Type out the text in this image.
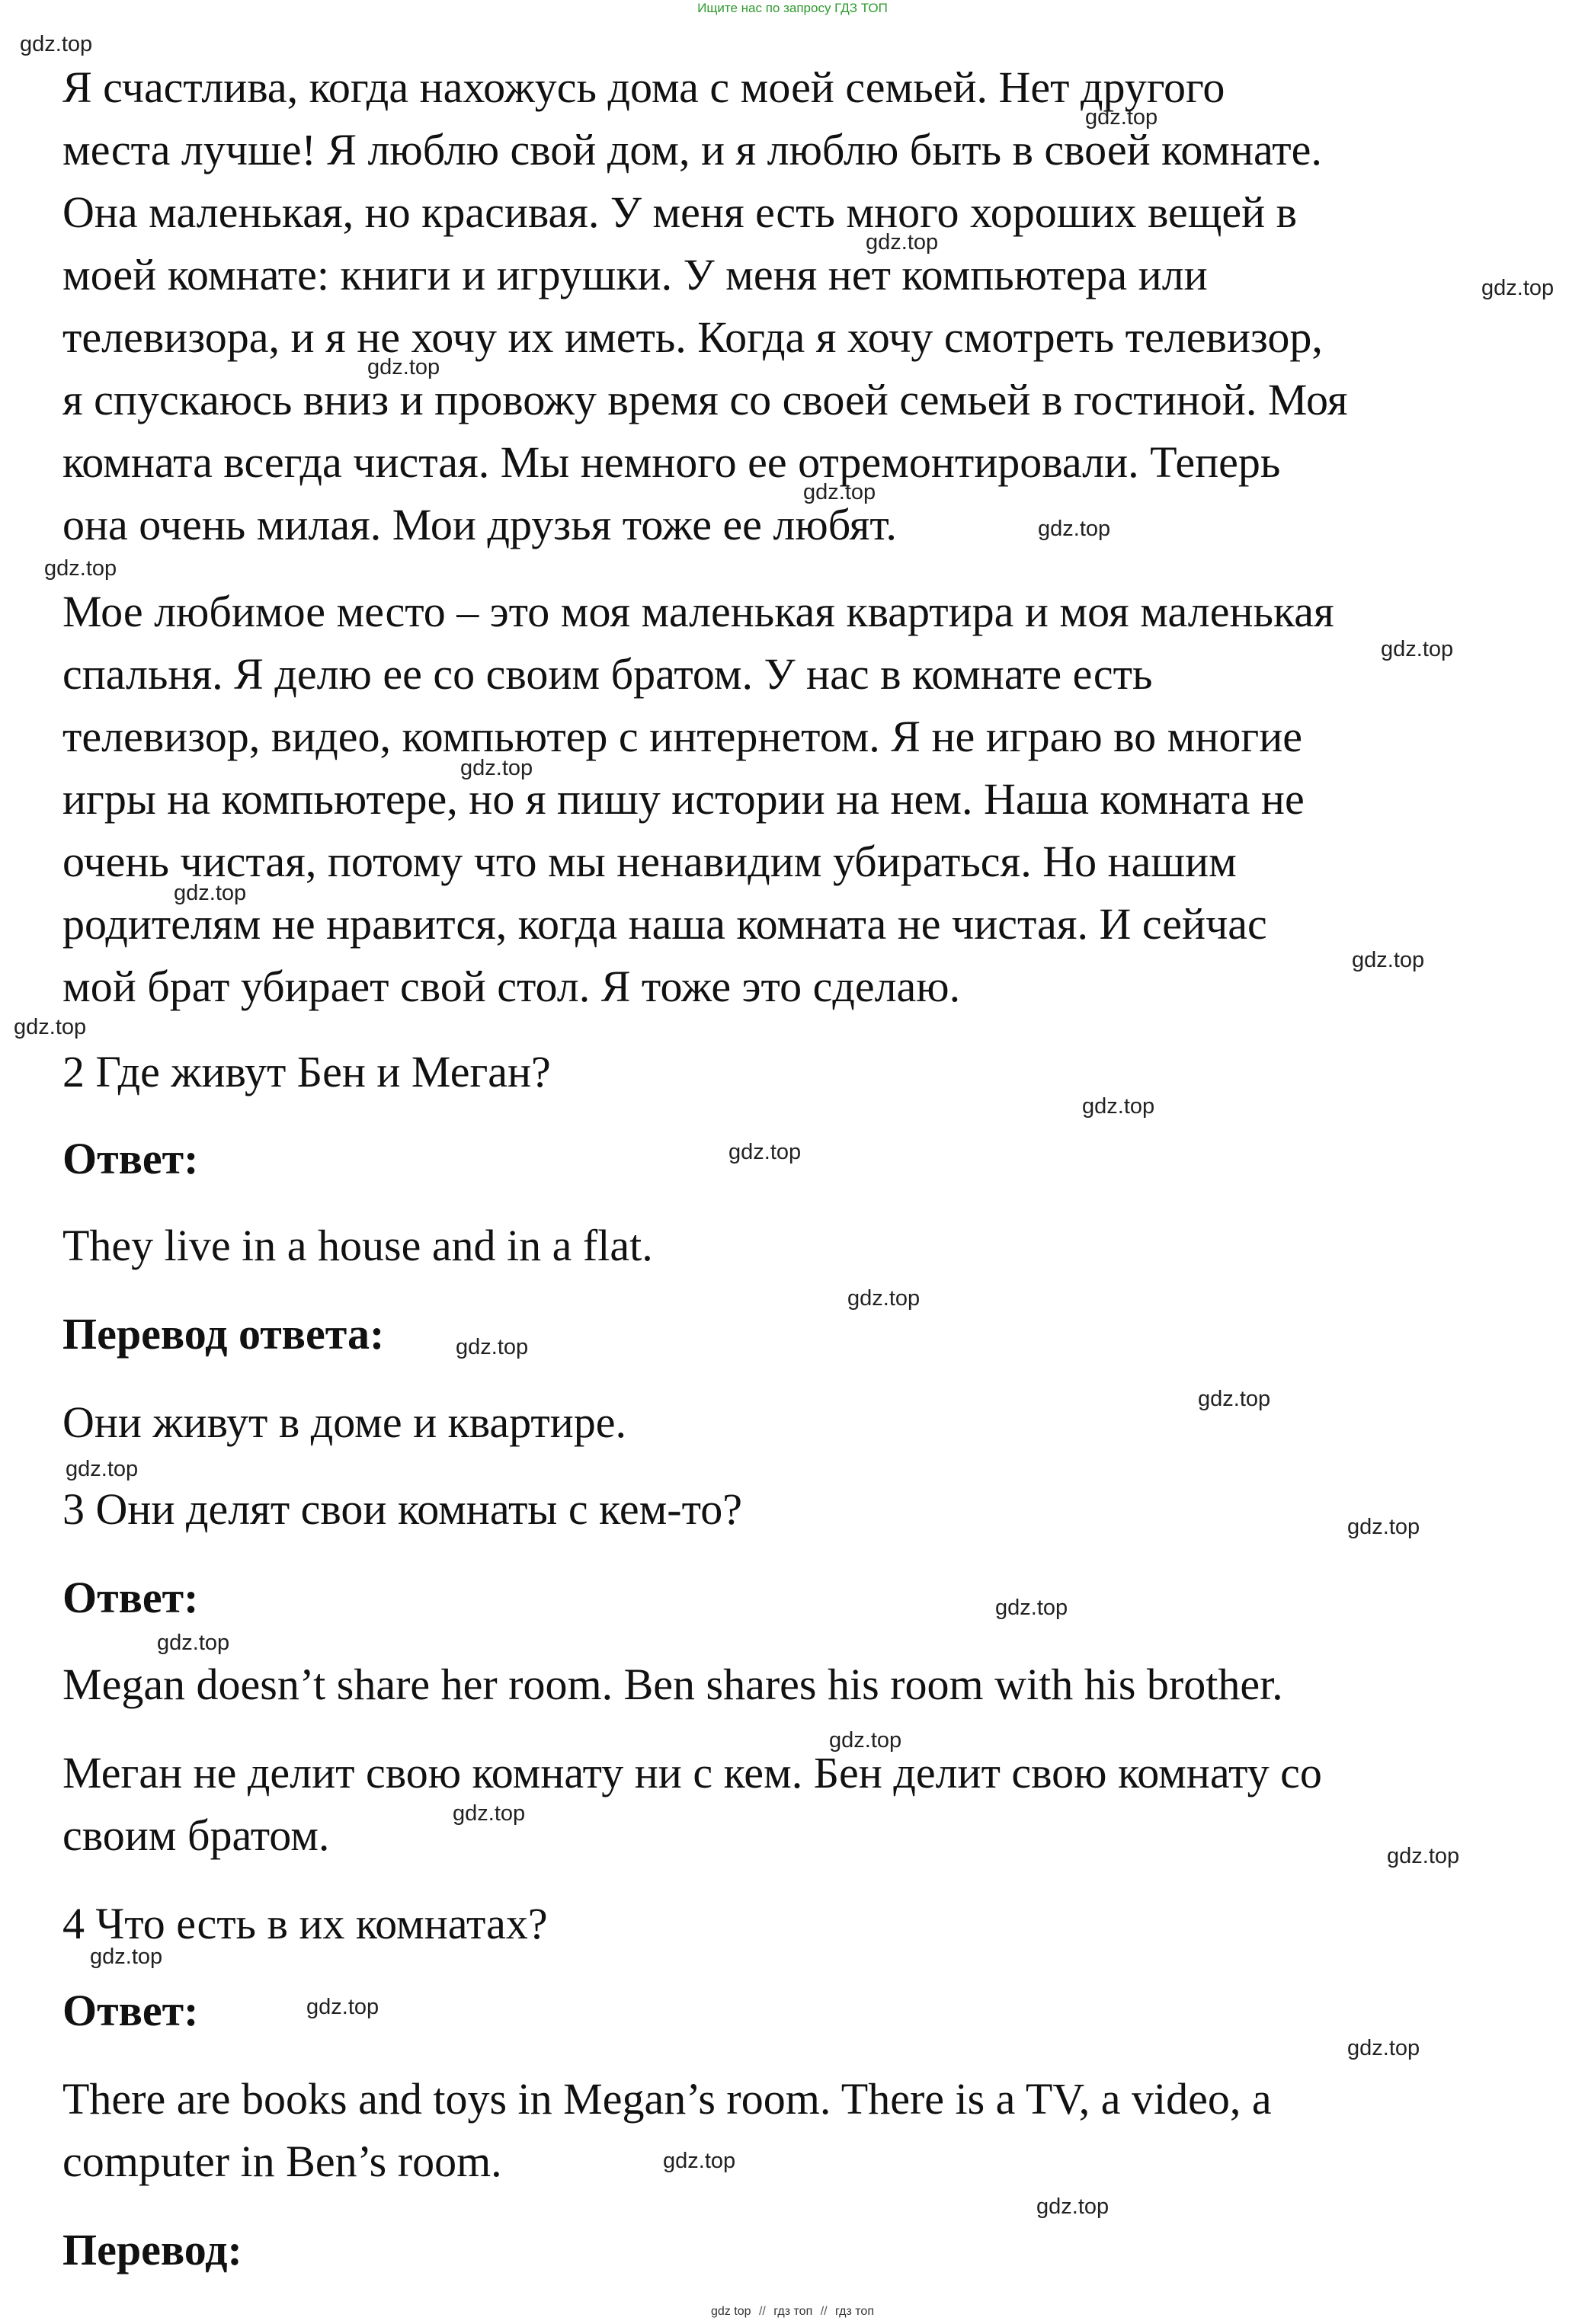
Ищите нас по запросу ГДЗ ТОП
Я счастлива, когда нахожусь дома с моей семьей. Нет другого
места лучше! Я люблю свой дом, и я люблю быть в своей комнате.
Она маленькая, но красивая. У меня есть много хороших вещей в
моей комнате: книги и игрушки. У меня нет компьютера или
телевизора, и я не хочу их иметь. Когда я хочу смотреть телевизор,
я спускаюсь вниз и провожу время со своей семьей в гостиной. Моя
комната всегда чистая. Мы немного ее отремонтировали. Теперь
она очень милая. Мои друзья тоже ее любят.
Мое любимое место – это моя маленькая квартира и моя маленькая
спальня. Я делю ее со своим братом. У нас в комнате есть
телевизор, видео, компьютер с интернетом. Я не играю во многие
игры на компьютере, но я пишу истории на нем. Наша комната не
очень чистая, потому что мы ненавидим убираться. Но нашим
родителям не нравится, когда наша комната не чистая. И сейчас
мой брат убирает свой стол. Я тоже это сделаю.
2 Где живут Бен и Меган?
Ответ:
They live in a house and in a flat.
Перевод ответа:
Они живут в доме и квартире.
3 Они делят свои комнаты с кем-то?
Ответ:
Megan doesn’t share her room. Ben shares his room with his brother.
Меган не делит свою комнату ни с кем. Бен делит свою комнату со
своим братом.
4 Что есть в их комнатах?
Ответ:
There are books and toys in Megan’s room. There is a TV, a video, a
computer in Ben’s room.
Перевод:
gdz.top
gdz.top
gdz.top
gdz.top
gdz.top
gdz.top
gdz.top
gdz.top
gdz.top
gdz.top
gdz.top
gdz.top
gdz.top
gdz.top
gdz.top
gdz.top
gdz.top
gdz.top
gdz.top
gdz.top
gdz.top
gdz.top
gdz.top
gdz.top
gdz.top
gdz.top
gdz.top
gdz.top
gdz.top
gdz.top
gdz top // гдз топ // гдз топ
